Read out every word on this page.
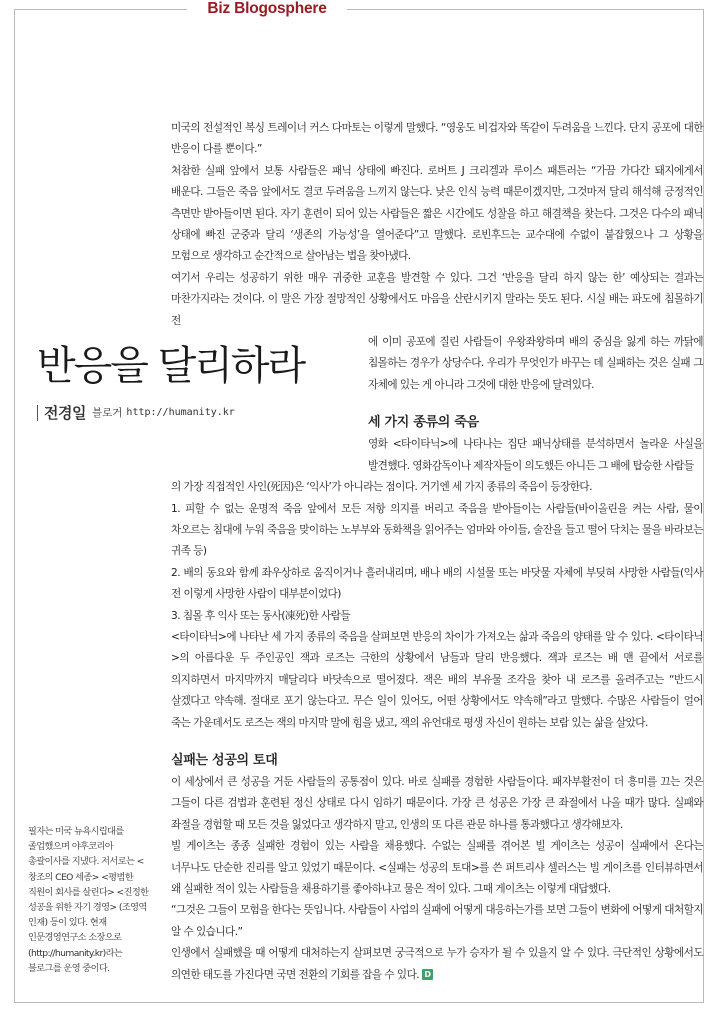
Biz Blogosphere

미국의 전설적인 복싱 트레이너 커스 다마토는 이렇게 말했다. “영웅도 비겁자와 똑같이 두려움을 느낀다. 단지 공포에 대한 반응이 다를 뿐이다.”

처참한 실패 앞에서 보통 사람들은 패닉 상태에 빠진다. 로버트 J 크리겔과 루이스 패튼러는 “가끔 가다간 돼지에게서 배운다. 그들은 죽음 앞에서도 결코 두려움을 느끼지 않는다. 낮은 인식 능력 때문이겠지만, 그것마저 달리 해석해 긍정적인 측면만 받아들이면 된다. 자기 훈련이 되어 있는 사람들은 짧은 시간에도 성찰을 하고 해결책을 찾는다. 그것은 다수의 패닉 상태에 빠진 군중과 달리 ‘생존의 가능성’을 열어준다”고 말했다. 로빈후드는 교수대에 수없이 붙잡혔으나 그 상황을 모험으로 생각하고 순간적으로 살아남는 법을 찾아냈다.

여기서 우리는 성공하기 위한 매우 귀중한 교훈을 발견할 수 있다. 그건 ‘반응을 달리 하지 않는 한’ 예상되는 결과는 마찬가지라는 것이다. 이 말은 가장 절망적인 상황에서도 마음을 산란시키지 말라는 뜻도 된다. 시실 배는 파도에 침몰하기 전

에 이미 공포에 질린 사람들이 우왕좌왕하며 배의 중심을 잃게 하는 까닭에 침몰하는 경우가 상당수다. 우리가 무엇인가 바꾸는 데 실패하는 것은 실패 그 자체에 있는 게 아니라 그것에 대한 반응에 달려있다.

세 가지 종류의 죽음

영화 <타이타닉>에 나타나는 집단 패닉상태를 분석하면서 놀라운 사실을 발견했다. 영화감독이나 제작자들이 의도했든 아니든 그 배에 탑승한 사람들

의 가장 직접적인 사인(死因)은 ‘익사’가 아니라는 점이다. 거기엔 세 가지 종류의 죽음이 등장한다.

1. 피할 수 없는 운명적 죽음 앞에서 모든 저항 의지를 버리고 죽음을 받아들이는 사람들(바이올린을 켜는 사람, 물이 차오르는 침대에 누워 죽음을 맞이하는 노부부와 동화책을 읽어주는 엄마와 아이들, 술잔을 들고 떨어 닥치는 물을 바라보는 귀족 등)

2. 배의 동요와 함께 좌우상하로 움직이거나 흘러내리며, 배나 배의 시설물 또는 바닷물 자체에 부딪혀 사망한 사람들(익사 전 이렇게 사망한 사람이 대부분이었다)

3. 침몰 후 익사 또는 동사(凍死)한 사람들

<타이타닉>에 나타난 세 가지 종류의 죽음을 살펴보면 반응의 차이가 가져오는 삶과 죽음의 양태를 알 수 있다. <타이타닉>의 아름다운 두 주인공인 잭과 로즈는 극한의 상황에서 남들과 달리 반응했다. 잭과 로즈는 배 맨 끝에서 서로를 의지하면서 마지막까지 매달리다 바닷속으로 떨어졌다. 잭은 배의 부유물 조각을 찾아 내 로즈를 올려주고는 “반드시 살겠다고 약속해. 절대로 포기 않는다고. 무슨 일이 있어도, 어떤 상황에서도 약속해”라고 말했다. 수많은 사람들이 얼어 죽는 가운데서도 로즈는 잭의 마지막 말에 힘을 냈고, 잭의 유언대로 평생 자신이 원하는 보람 있는 삶을 살았다.

실패는 성공의 토대

이 세상에서 큰 성공을 거둔 사람들의 공통점이 있다. 바로 실패를 경험한 사람들이다. 패자부활전이 더 흥미를 끄는 것은 그들이 다른 검법과 훈련된 정신 상태로 다시 임하기 때문이다. 가장 큰 성공은 가장 큰 좌절에서 나올 때가 많다. 실패와 좌절을 경험할 때 모든 것을 잃었다고 생각하지 말고, 인생의 또 다른 관문 하나를 통과했다고 생각해보자.

빌 게이츠는 종종 실패한 경험이 있는 사람을 채용했다. 수없는 실패를 겪어본 빌 게이츠는 성공이 실패에서 온다는 너무나도 단순한 진리를 알고 있었기 때문이다. <실패는 성공의 토대>를 쓴 퍼트리샤 셀러스는 빌 게이츠를 인터뷰하면서 왜 실패한 적이 있는 사람들을 채용하기를 좋아하냐고 물은 적이 있다. 그때 게이츠는 이렇게 대답했다.

“그것은 그들이 모험을 한다는 뜻입니다. 사람들이 사업의 실패에 어떻게 대응하는가를 보면 그들이 변화에 어떻게 대처할지 알 수 있습니다.”

인생에서 실패했을 때 어떻게 대처하는지 살펴보면 궁극적으로 누가 승자가 될 수 있을지 알 수 있다. 극단적인 상황에서도 의연한 태도를 가진다면 국면 전환의 기회를 잡을 수 있다. D

반응을 달리하라
전경일 블로거 http://humanity.kr
필자는 미국 뉴욕시립대를 졸업했으며 야후코리아 총괄이사를 지냈다. 저서로는 <창조의 CEO 세종> <평범한 직원이 회사를 살린다> <진정한 성공을 위한 자기 경영> (조영역 인재) 등이 있다. 현재 인문경영연구소 소장으로 (http://humanity.kr)라는 블로그를 운영 중이다.
